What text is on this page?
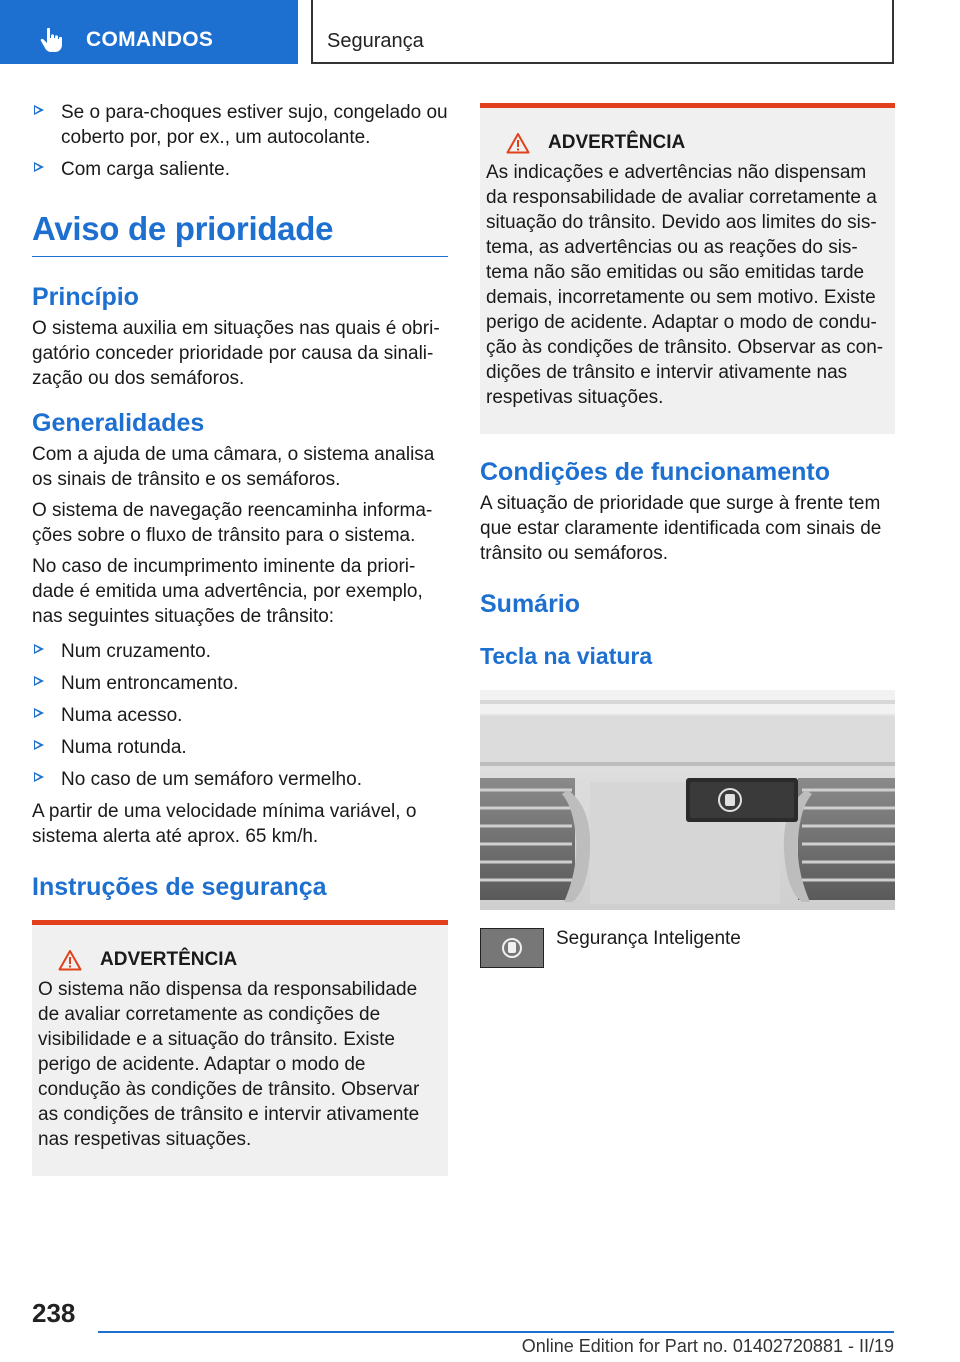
COMANDOS	Segurança
Se o para-choques estiver sujo, congelado ou coberto por, por ex., um autocolante.
Com carga saliente.
Aviso de prioridade
Princípio

O sistema auxilia em situações nas quais é obrigatório conceder prioridade por causa da sinalização ou dos semáforos.

Generalidades

Com a ajuda de uma câmara, o sistema analisa os sinais de trânsito e os semáforos.

O sistema de navegação reencaminha informações sobre o fluxo de trânsito para o sistema.

No caso de incumprimento iminente da prioridade é emitida uma advertência, por exemplo, nas seguintes situações de trânsito:

Num cruzamento.
Num entroncamento.
Numa acesso.
Numa rotunda.
No caso de um semáforo vermelho.

A partir de uma velocidade mínima variável, o sistema alerta até aprox. 65 km/h.

Instruções de segurança
ADVERTÊNCIA

O sistema não dispensa da responsabilidade de avaliar corretamente as condições de visibilidade e a situação do trânsito. Existe perigo de acidente. Adaptar o modo de condução às condições de trânsito. Observar as condições de trânsito e intervir ativamente nas respetivas situações.

ADVERTÊNCIA

As indicações e advertências não dispensam da responsabilidade de avaliar corretamente a situação do trânsito. Devido aos limites do sistema, as advertências ou as reações do sistema não são emitidas ou são emitidas tarde demais, incorretamente ou sem motivo. Existe perigo de acidente. Adaptar o modo de condução às condições de trânsito. Observar as condições de trânsito e intervir ativamente nas respetivas situações.

Condições de funcionamento

A situação de prioridade que surge à frente tem que estar claramente identificada com sinais de trânsito ou semáforos.

Sumário
Tecla na viatura
Segurança Inteligente
238
Online Edition for Part no. 01402720881 - II/19
